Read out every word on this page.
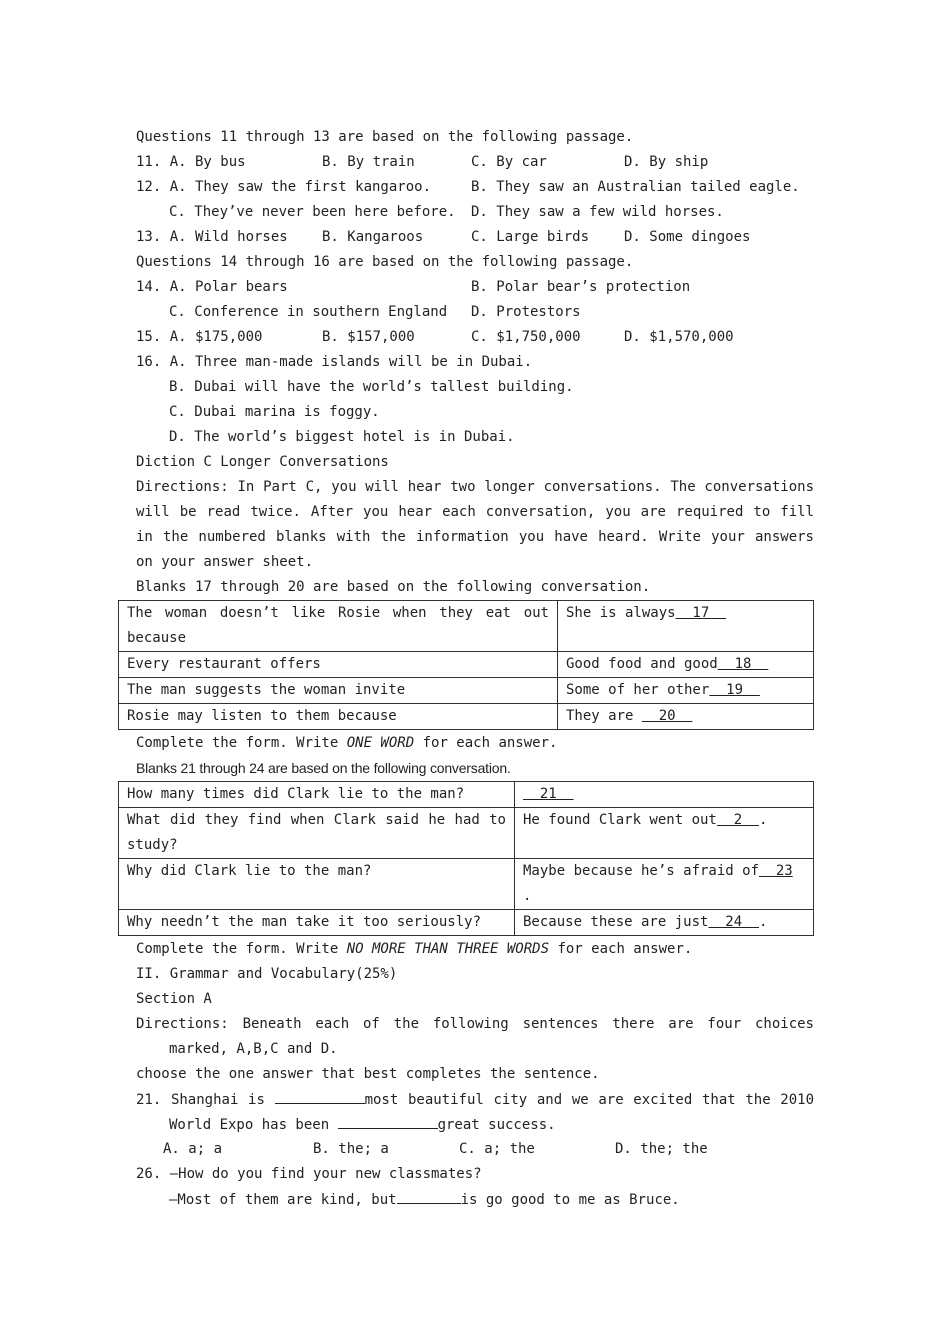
Questions 11 through 13 are based on the following passage.
11. A. By bus	B. By train	C. By car	D. By ship
12. A. They saw the first kangaroo.	B. They saw an Australian tailed eagle.
C. They’ve never been here before. D. They saw a few wild horses.
13. A. Wild horses	B. Kangaroos	C. Large birds	D. Some dingoes
Questions 14 through 16 are based on the following passage.
14. A. Polar bears	B. Polar bear’s protection
C. Conference in southern England D. Protestors
15. A. $175,000	B. $157,000	C. $1,750,000	D. $1,570,000
16. A. Three man-made islands will be in Dubai.
B. Dubai will have the world’s tallest building.
C. Dubai marina is foggy.
D. The world’s biggest hotel is in Dubai.
Diction C Longer Conversations
Directions: In Part C, you will hear two longer conversations. The conversations
will be read twice. After you hear each conversation, you are required to fill
in the numbered blanks with the information you have heard. Write your answers
on your answer sheet.
Blanks 17 through 20 are based on the following conversation.
The woman doesn’t like Rosie when they eat out because	She is always  17
Every restaurant offers	Good food and good  18
The man suggests the woman invite	Some of her other  19
Rosie may listen to them because	They are   20
Complete the form. Write ONE WORD for each answer.
Blanks 21 through 24 are based on the following conversation.
How many times did Clark lie to the man?	21

What did they find when Clark said he had to study?	He found Clark went out  2  .
Why did Clark lie to the man?	Maybe because he’s afraid of  23
.
Why needn’t the man take it too seriously?	Because these are just  24  .
Complete the form. Write NO MORE THAN THREE WORDS for each answer.
II. Grammar and Vocabulary(25%)
Section A
Directions: Beneath each of the following sentences there are four choices
marked, A,B,C and D.
choose the one answer that best completes the sentence.
21. Shanghai is	most beautiful city and we are excited that the 2010
World Expo has been	great success.
A. a; a	B. the; a	C. a; the	D. the; the
26. —How do you find your new classmates?
—Most of them are kind, but	is go good to me as Bruce.
